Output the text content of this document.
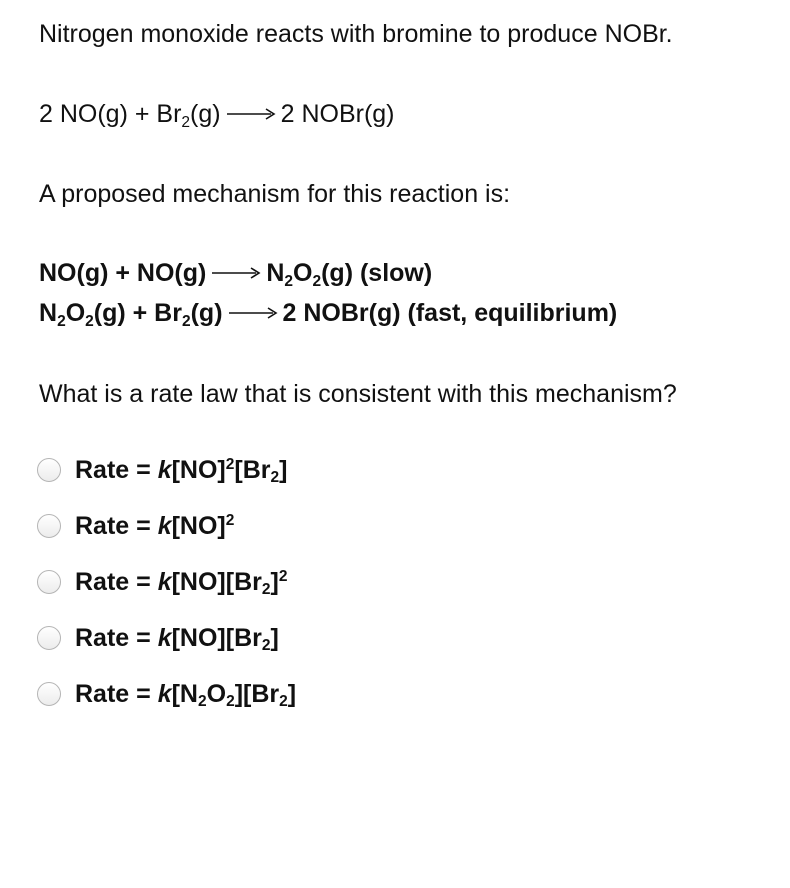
Nitrogen monoxide reacts with bromine to produce NOBr.
2 NO(g) + Br2(g) → 2 NOBr(g)
A proposed mechanism for this reaction is:
NO(g) + NO(g) → N2O2(g) (slow)
N2O2(g) + Br2(g) → 2 NOBr(g) (fast, equilibrium)
What is a rate law that is consistent with this mechanism?
Rate = k[NO]$^2$[Br2]
Rate = k[NO]$^2$
Rate = $k[NO][Br2]^2$
Rate = k[NO][Br2]
Rate = k[N2O2][Br2]
